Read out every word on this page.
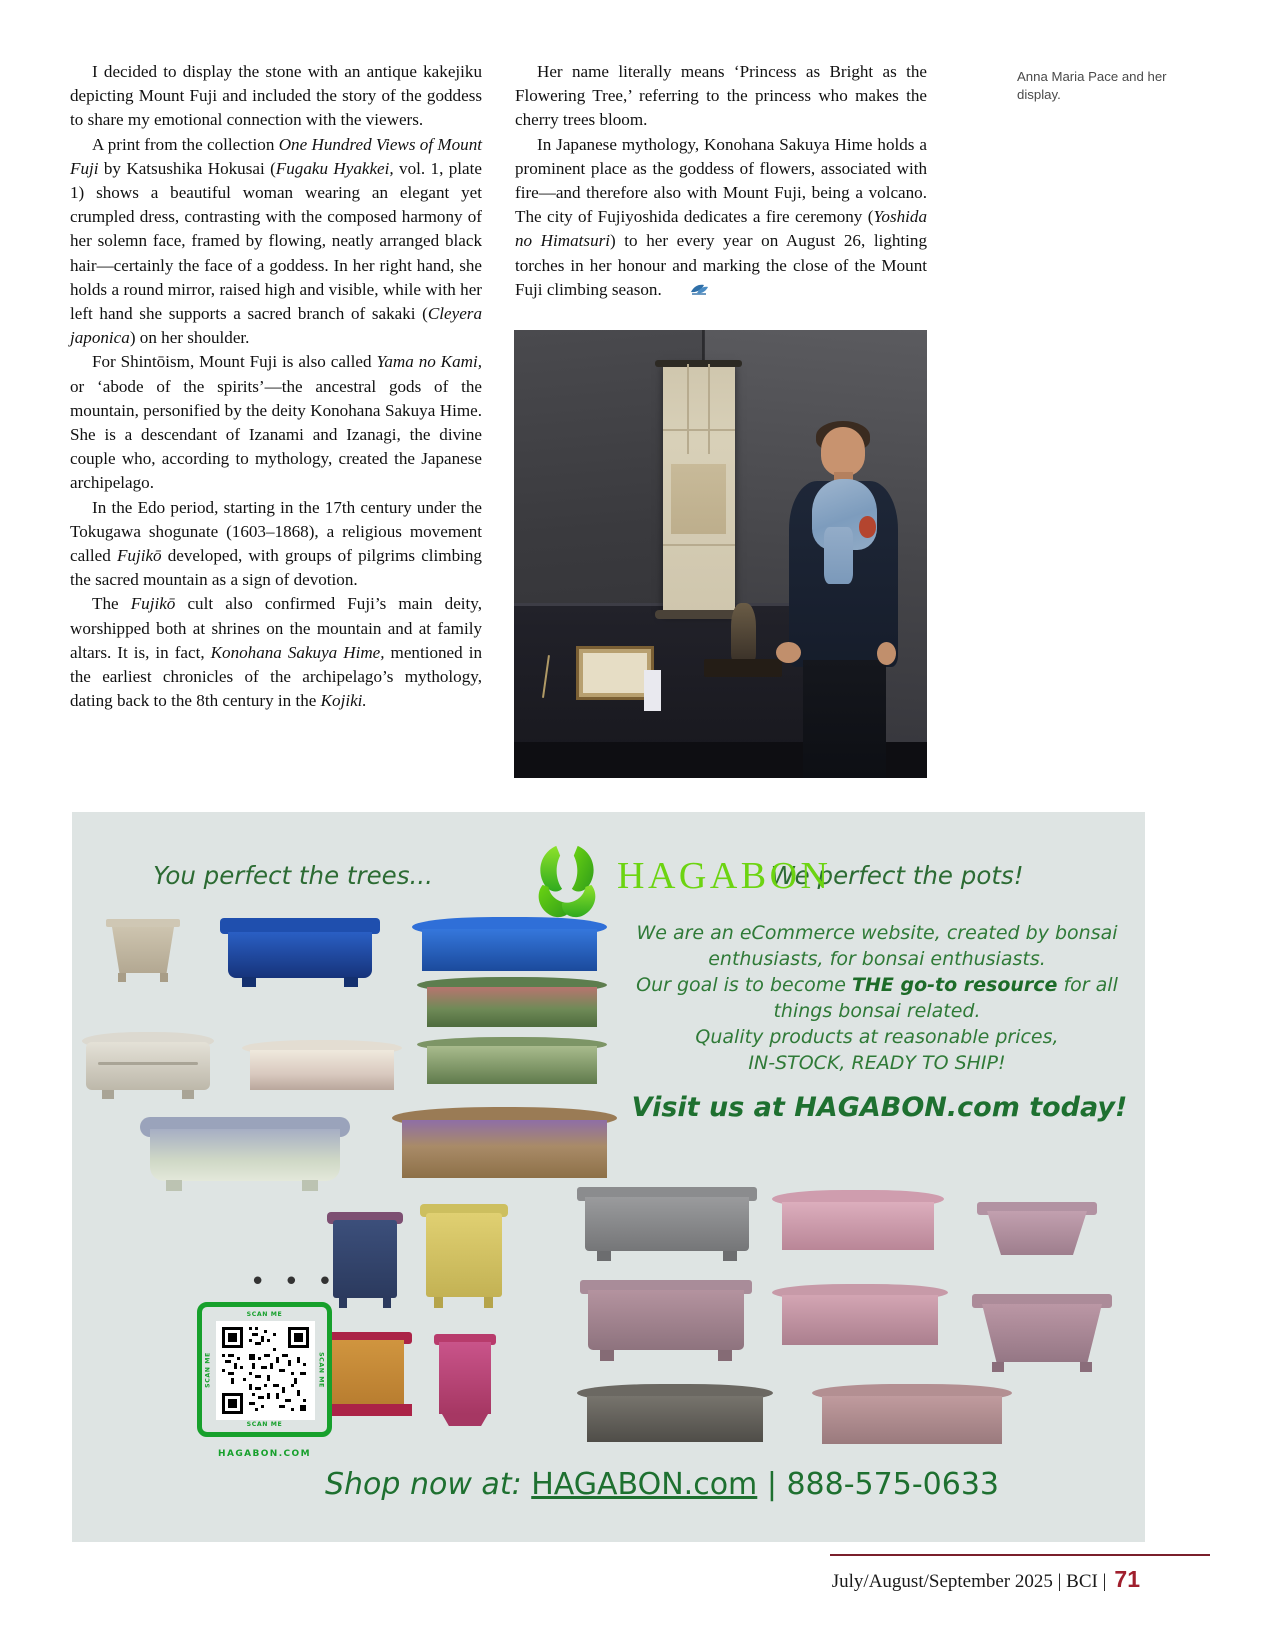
I decided to display the stone with an antique kakejiku depicting Mount Fuji and included the story of the goddess to share my emotional connection with the viewers.

A print from the collection One Hundred Views of Mount Fuji by Katsushika Hokusai (Fugaku Hyakkei, vol. 1, plate 1) shows a beautiful woman wearing an elegant yet crumpled dress, contrasting with the composed harmony of her solemn face, framed by flowing, neatly arranged black hair—certainly the face of a goddess. In her right hand, she holds a round mirror, raised high and visible, while with her left hand she supports a sacred branch of sakaki (Cleyera japonica) on her shoulder.

For Shintōism, Mount Fuji is also called Yama no Kami, or ‘abode of the spirits’—the ancestral gods of the mountain, personified by the deity Konohana Sakuya Hime. She is a descendant of Izanami and Izanagi, the divine couple who, according to mythology, created the Japanese archipelago.

In the Edo period, starting in the 17th century under the Tokugawa shogunate (1603–1868), a religious movement called Fujikō developed, with groups of pilgrims climbing the sacred mountain as a sign of devotion.

The Fujikō cult also confirmed Fuji’s main deity, worshipped both at shrines on the mountain and at family altars. It is, in fact, Konohana Sakuya Hime, mentioned in the earliest chronicles of the archipelago’s mythology, dating back to the 8th century in the Kojiki.

Her name literally means ‘Princess as Bright as the Flowering Tree,’ referring to the princess who makes the cherry trees bloom.

In Japanese mythology, Konohana Sakuya Hime holds a prominent place as the goddess of flowers, associated with fire—and therefore also with Mount Fuji, being a volcano. The city of Fujiyoshida dedicates a fire ceremony (Yoshida no Himatsuri) to her every year on August 26, lighting torches in her honour and marking the close of the Mount Fuji climbing season.

Anna Maria Pace and her display.
You perfect the trees...	We perfect the pots!
HAGABON
We are an eCommerce website, created by bonsai enthusiasts, for bonsai enthusiasts.
Our goal is to become THE go-to resource for all things bonsai related.
Quality products at reasonable prices,
IN-STOCK, READY TO SHIP!
Visit us at HAGABON.com today!
• • •
SCAN ME
SCAN ME
SCAN ME	SCAN ME
HAGABON.COM
Shop now at: HAGABON.com | 888-575-0633
July/August/September 2025 | BCI | 71
